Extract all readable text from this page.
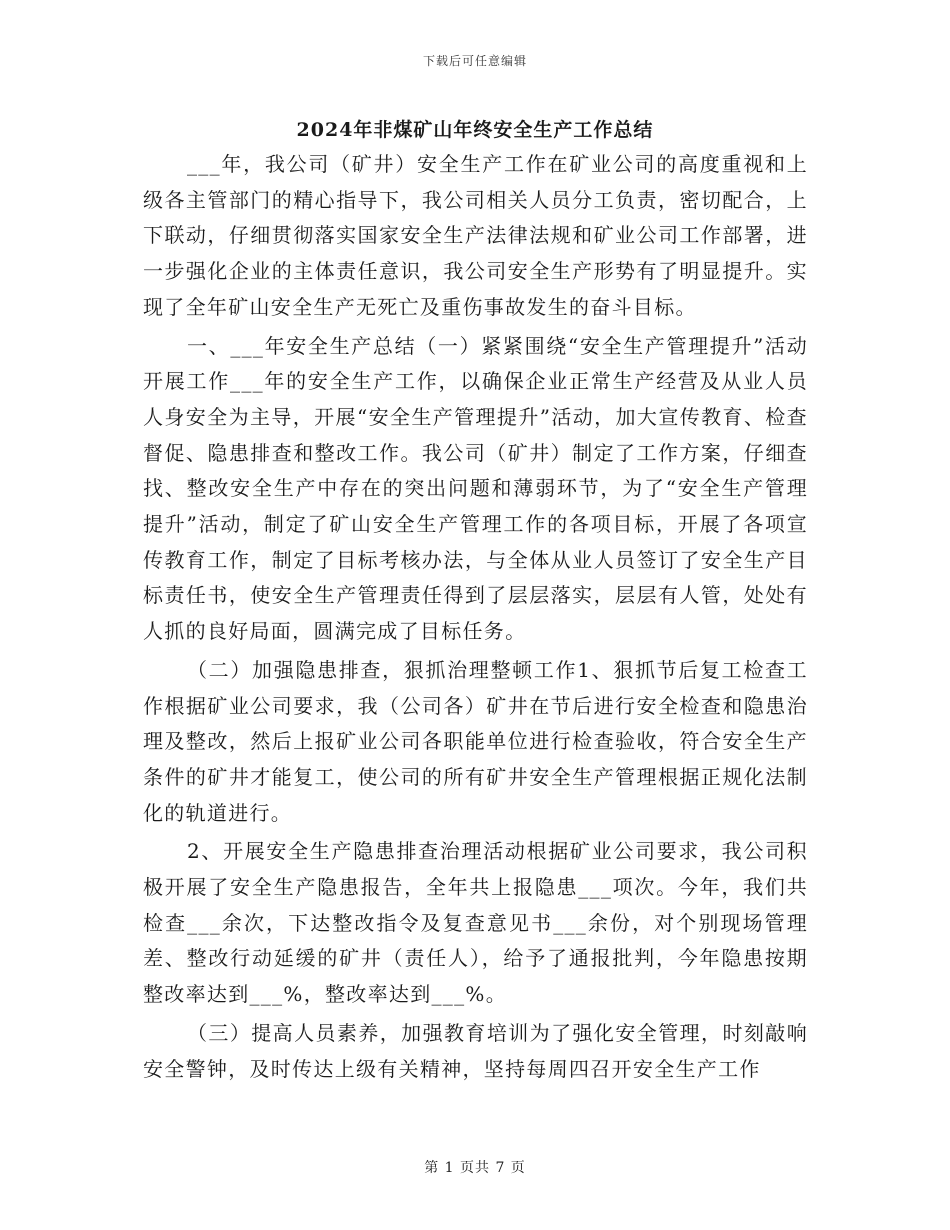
下载后可任意编辑
2024年非煤矿山年终安全生产工作总结

___年，我公司（矿井）安全生产工作在矿业公司的高度重视和上级各主管部门的精心指导下，我公司相关人员分工负责，密切配合，上下联动，仔细贯彻落实国家安全生产法律法规和矿业公司工作部署，进一步强化企业的主体责任意识，我公司安全生产形势有了明显提升。实现了全年矿山安全生产无死亡及重伤事故发生的奋斗目标。

一、___年安全生产总结（一）紧紧围绕“安全生产管理提升”活动开展工作___年的安全生产工作，以确保企业正常生产经营及从业人员人身安全为主导，开展“安全生产管理提升”活动，加大宣传教育、检查督促、隐患排查和整改工作。我公司（矿井）制定了工作方案，仔细查找、整改安全生产中存在的突出问题和薄弱环节，为了“安全生产管理提升”活动，制定了矿山安全生产管理工作的各项目标，开展了各项宣传教育工作，制定了目标考核办法，与全体从业人员签订了安全生产目标责任书，使安全生产管理责任得到了层层落实，层层有人管，处处有人抓的良好局面，圆满完成了目标任务。

（二）加强隐患排查，狠抓治理整顿工作1、狠抓节后复工检查工作根据矿业公司要求，我（公司各）矿井在节后进行安全检查和隐患治理及整改，然后上报矿业公司各职能单位进行检查验收，符合安全生产条件的矿井才能复工，使公司的所有矿井安全生产管理根据正规化法制化的轨道进行。

2、开展安全生产隐患排查治理活动根据矿业公司要求，我公司积极开展了安全生产隐患报告，全年共上报隐患___项次。今年，我们共检查___余次，下达整改指令及复查意见书___余份，对个别现场管理差、整改行动延缓的矿井（责任人），给予了通报批判，今年隐患按期整改率达到___%，整改率达到___%。

（三）提高人员素养，加强教育培训为了强化安全管理，时刻敲响安全警钟，及时传达上级有关精神，坚持每周四召开安全生产工作

第 1 页共 7 页
